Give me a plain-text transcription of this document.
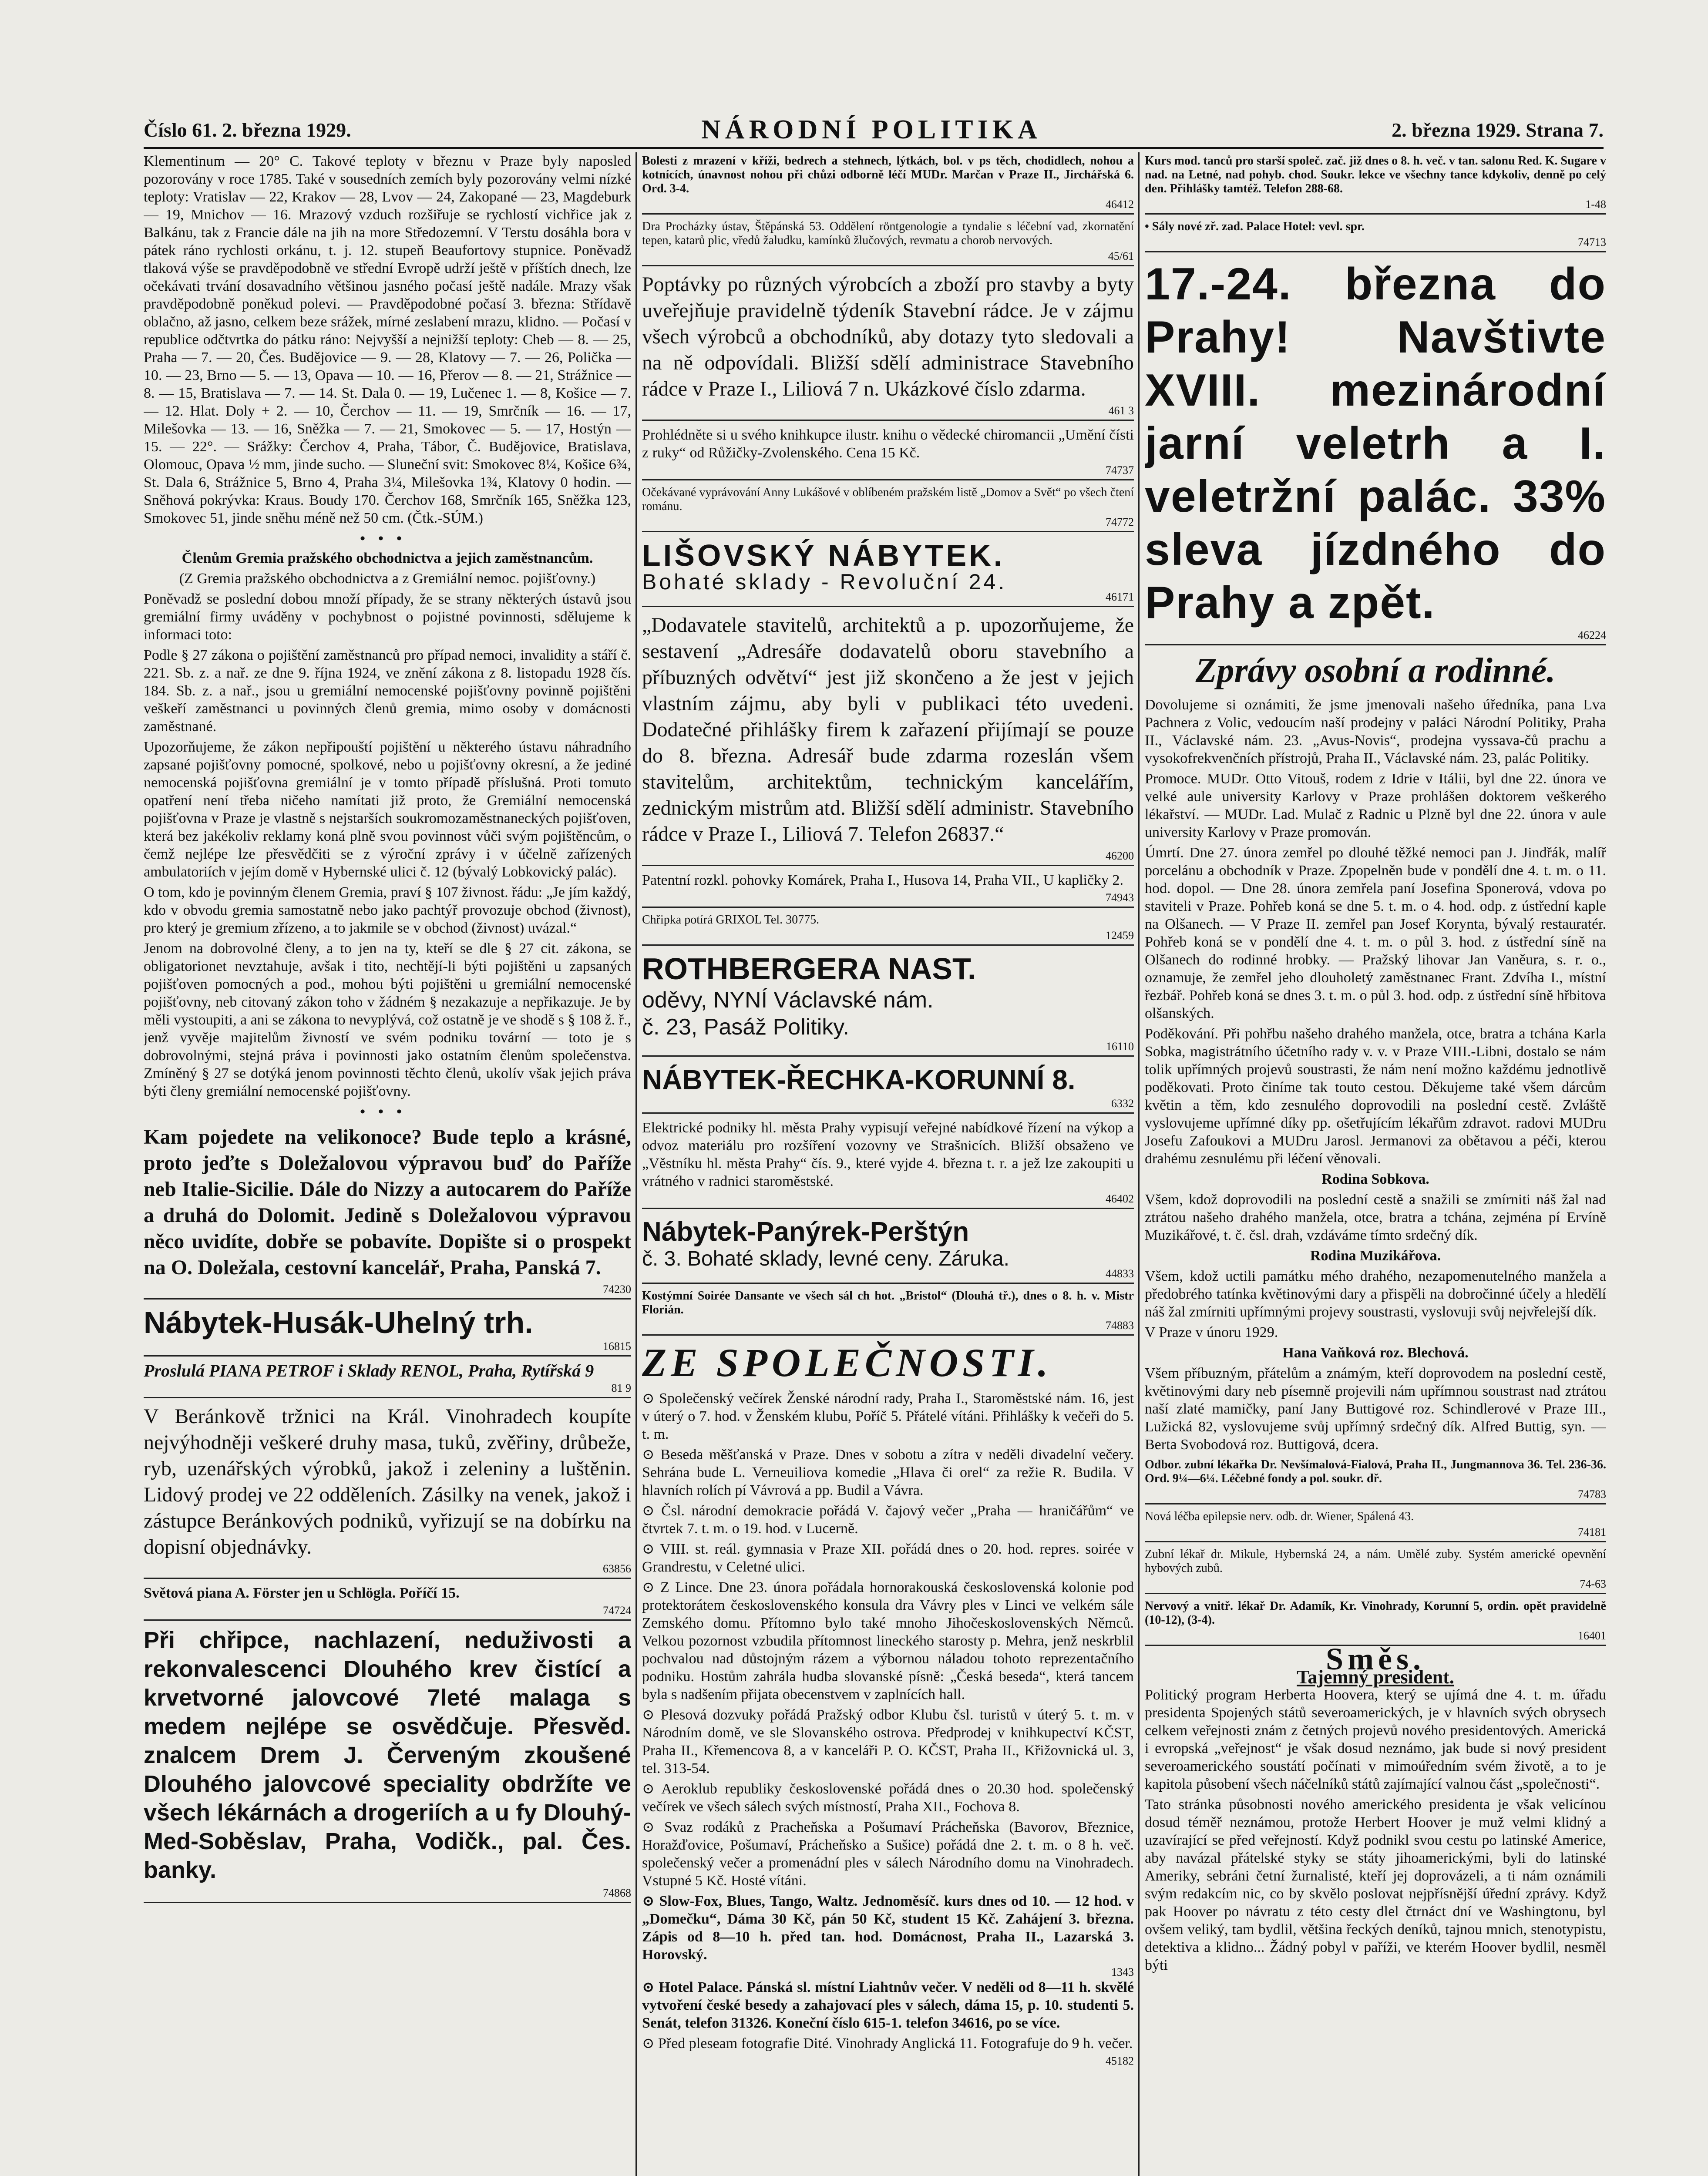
Číslo 61. 2. března 1929.	NÁRODNÍ POLITIKA	2. března 1929. Strana 7.

Klementinum — 20° C. Takové teploty v březnu v Praze byly naposled pozorovány v roce 1785. Také v sousedních zemích byly pozorovány velmi nízké teploty: Vratislav — 22, Krakov — 28, Lvov — 24, Zakopané — 23, Magdeburk — 19, Mnichov — 16. Mrazový vzduch rozšiřuje se rychlostí vichřice jak z Balkánu, tak z Francie dále na jih na more Středozemní. V Terstu dosáhla bora v pátek ráno rychlosti orkánu, t. j. 12. stupeň Beaufortovy stupnice. Poněvadž tlaková výše se pravděpodobně ve střední Evropě udrží ještě v příštích dnech, lze očekávati trvání dosavadního většinou jasného počasí ještě nadále. Mrazy však pravděpodobně poněkud polevi. — Pravděpodobné počasí 3. března: Střídavě oblačno, až jasno, celkem beze srážek, mírné zeslabení mrazu, klidno. — Počasí v republice odčtvrtka do pátku ráno: Nejvyšší a nejnižší teploty: Cheb — 8. — 25, Praha — 7. — 20, Čes. Budějovice — 9. — 28, Klatovy — 7. — 26, Polička — 10. — 23, Brno — 5. — 13, Opava — 10. — 16, Přerov — 8. — 21, Strážnice — 8. — 15, Bratislava — 7. — 14. St. Dala 0. — 19, Lučenec 1. — 8, Košice — 7. — 12. Hlat. Doly + 2. — 10, Čerchov — 11. — 19, Smrčník — 16. — 17, Milešovka — 13. — 16, Sněžka — 7. — 21, Smokovec — 5. — 17, Hostýn — 15. — 22°. — Srážky: Čerchov 4, Praha, Tábor, Č. Budějovice, Bratislava, Olomouc, Opava ½ mm, jinde sucho. — Sluneční svit: Smokovec 8¼, Košice 6¾, St. Dala 6, Strážnice 5, Brno 4, Praha 3¼, Milešovka 1¾, Klatovy 0 hodin. — Sněhová pokrývka: Kraus. Boudy 170. Čerchov 168, Smrčník 165, Sněžka 123, Smokovec 51, jinde sněhu méně než 50 cm. (Čtk.-SÚM.)

•••

Členům Gremia pražského obchodnictva a jejich zaměstnancům.

(Z Gremia pražského obchodnictva a z Gremiální nemoc. pojišťovny.)

Poněvadž se poslední dobou množí případy, že se strany některých ústavů jsou gremiální firmy uváděny v pochybnost o pojistné povinnosti, sdělujeme k informaci toto:

Podle § 27 zákona o pojištění zaměstnanců pro případ nemoci, invalidity a stáří č. 221. Sb. z. a nař. ze dne 9. října 1924, ve znění zákona z 8. listopadu 1928 čís. 184. Sb. z. a nař., jsou u gremiální nemocenské pojišťovny povinně pojištěni veškeří zaměstnanci u povinných členů gremia, mimo osoby v domácnosti zaměstnané.

Upozorňujeme, že zákon nepřipouští pojištění u některého ústavu náhradního zapsané pojišťovny pomocné, spolkové, nebo u pojišťovny okresní, a že jediné nemocenská pojišťovna gremiální je v tomto případě příslušná. Proti tomuto opatření není třeba ničeho namítati již proto, že Gremiální nemocenská pojišťovna v Praze je vlastně s nejstarších soukromozaměstnaneckých pojišťoven, která bez jakékoliv reklamy koná plně svou povinnost vůči svým pojištěncům, o čemž nejlépe lze přesvědčiti se z výroční zprávy i v účelně zařízených ambulatoriích v jejím domě v Hybernské ulici č. 12 (bývalý Lobkovický palác).

O tom, kdo je povinným členem Gremia, praví § 107 živnost. řádu: „Je jím každý, kdo v obvodu gremia samostatně nebo jako pachtýř provozuje obchod (živnost), pro který je gremium zřízeno, a to jakmile se v obchod (živnost) uvázal.“

Jenom na dobrovolné členy, a to jen na ty, kteří se dle § 27 cit. zákona, se obligatorionet nevztahuje, avšak i tito, nechtějí-li býti pojištěni u zapsaných pojišťoven pomocných a pod., mohou býti pojištěni u gremiální nemocenské pojišťovny, neb citovaný zákon toho v žádném § nezakazuje a nepřikazuje. Je by měli vystoupiti, a ani se zákona to nevyplývá, což ostatně je ve shodě s § 108 ž. ř., jenž vyvěje majitelům živností ve svém podniku tovární — toto je s dobrovolnými, stejná práva i povinnosti jako ostatním členům společenstva. Zmíněný § 27 se dotýká jenom povinnosti těchto členů, ukolív však jejich práva býti členy gremiální nemocenské pojišťovny.

•••

Kam pojedete na velikonoce? Bude teplo a krásné, proto jeďte s Doležalovou výpravou buď do Paříže neb Italie-Sicilie. Dále do Nizzy a autocarem do Paříže a druhá do Dolomit. Jedině s Doležalovou výpravou něco uvidíte, dobře se pobavíte. Dopište si o prospekt na O. Doležala, cestovní kancelář, Praha, Panská 7.

74230
Nábytek-Husák-Uhelný trh.
16815

Proslulá PIANA PETROF i Sklady RENOL, Praha, Rytířská 9

81 9

V Beránkově tržnici na Král. Vinohradech koupíte nejvýhodněji veškeré druhy masa, tuků, zvěřiny, drůbeže, ryb, uzenářských výrobků, jakož i zeleniny a luštěnin. Lidový prodej ve 22 odděleních. Zásilky na venek, jakož i zástupce Beránkových podniků, vyřizují se na dobírku na dopisní objednávky.

63856

Světová piana A. Förster jen u Schlögla. Poříčí 15.

74724

Při chřipce, nachlazení, neduživosti a rekonvalescenci Dlouhého krev čistící a krvetvorné jalovcové 7leté malaga s medem nejlépe se osvědčuje. Přesvěd. znalcem Drem J. Červeným zkoušené Dlouhého jalovcové speciality obdržíte ve všech lékárnách a drogeriích a u fy Dlouhý-Med-Soběslav, Praha, Vodičk., pal. Čes. banky.

74868

Bolesti z mrazení v kříži, bedrech a stehnech, lýtkách, bol. v ps těch, chodidlech, nohou a kotnících, únavnost nohou při chůzi odborně léčí MUDr. Marčan v Praze II., Jirchářská 6. Ord. 3-4.

46412

Dra Procházky ústav, Štěpánská 53. Oddělení röntgenologie a tyndalie s léčební vad, zkornatění tepen, katarů plic, vředů žaludku, kamínků žlučových, revmatu a chorob nervových.

45/61

Poptávky po různých výrobcích a zboží pro stavby a byty uveřejňuje pravidelně týdeník Stavební rádce. Je v zájmu všech výrobců a obchodníků, aby dotazy tyto sledovali a na ně odpovídali. Bližší sdělí administrace Stavebního rádce v Praze I., Liliová 7 n. Ukázkové číslo zdarma.

461 3

Prohlédněte si u svého knihkupce ilustr. knihu o vědecké chiromancii „Umění čísti z ruky“ od Růžičky-Zvolenského. Cena 15 Kč.

74737

Očekávané vyprávování Anny Lukášové v oblíbeném pražském listě „Domov a Svět“ po všech čtení románu.

74772
LIŠOVSKÝ NÁBYTEK.
Bohaté sklady - Revoluční 24.
46171

„Dodavatele stavitelů, architektů a p. upozorňujeme, že sestavení „Adresáře dodavatelů oboru stavebního a příbuzných odvětví“ jest již skončeno a že jest v jejich vlastním zájmu, aby byli v publikaci této uvedeni. Dodatečné přihlášky firem k zařazení přijímají se pouze do 8. března. Adresář bude zdarma rozeslán všem stavitelům, architektům, technickým kancelářím, zednickým mistrům atd. Bližší sdělí administr. Stavebního rádce v Praze I., Liliová 7. Telefon 26837.“

46200

Patentní rozkl. pohovky Komárek, Praha I., Husova 14, Praha VII., U kapličky 2.

74943

Chřipka potírá GRIXOL Tel. 30775.

12459
ROTHBERGERA NAST.
oděvy, NYNÍ Václavské nám.
č. 23, Pasáž Politiky.
16110
NÁBYTEK-ŘECHKA-KORUNNÍ 8.
6332

Elektrické podniky hl. města Prahy vypisují veřejné nabídkové řízení na výkop a odvoz materiálu pro rozšíření vozovny ve Strašnicích. Bližší obsaženo ve „Věstníku hl. města Prahy“ čís. 9., které vyjde 4. března t. r. a jež lze zakoupiti u vrátného v radnici staroměstské.

46402
Nábytek-Panýrek-Perštýn
č. 3. Bohaté sklady, levné ceny. Záruka.
44833

Kostýmní Soirée Dansante ve všech sál ch hot. „Bristol“ (Dlouhá tř.), dnes o 8. h. v. Mistr Florián.

74883
ZE SPOLEČNOSTI.

⊙ Společenský večírek Ženské národní rady, Praha I., Staroměstské nám. 16, jest v úterý o 7. hod. v Ženském klubu, Poříč 5. Přátelé vítáni. Přihlášky k večeři do 5. t. m.

⊙ Beseda měšťanská v Praze. Dnes v sobotu a zítra v neděli divadelní večery. Sehrána bude L. Verneuiliova komedie „Hlava či orel“ za režie R. Budila. V hlavních rolích pí Vávrová a pp. Budil a Vávra.

⊙ Čsl. národní demokracie pořádá V. čajový večer „Praha — hraničářům“ ve čtvrtek 7. t. m. o 19. hod. v Lucerně.

⊙ VIII. st. reál. gymnasia v Praze XII. pořádá dnes o 20. hod. repres. soirée v Grandrestu, v Celetné ulici.

⊙ Z Lince. Dne 23. února pořádala hornorakouská československá kolonie pod protektorátem československého konsula dra Vávry ples v Linci ve velkém sále Zemského domu. Přítomno bylo také mnoho Jihočeskoslovenských Němců. Velkou pozornost vzbudila přítomnost lineckého starosty p. Mehra, jenž neskrblil pochvalou nad důstojným rázem a výbornou náladou tohoto reprezentačního podniku. Hostům zahrála hudba slovanské písně: „Česká beseda“, která tancem byla s nadšením přijata obecenstvem v zaplnících hall.

⊙ Plesová dozvuky pořádá Pražský odbor Klubu čsl. turistů v úterý 5. t. m. v Národním domě, ve sle Slovanského ostrova. Předprodej v knihkupectví KČST, Praha II., Křemencova 8, a v kanceláři P. O. KČST, Praha II., Křižovnická ul. 3, tel. 313-54.

⊙ Aeroklub republiky československé pořádá dnes o 20.30 hod. společenský večírek ve všech sálech svých místností, Praha XII., Fochova 8.

⊙ Svaz rodáků z Pracheňska a Pošumaví Prácheňska (Bavorov, Březnice, Horažďovice, Pošumaví, Prácheňsko a Sušice) pořádá dne 2. t. m. o 8 h. več. společenský večer a promenádní ples v sálech Národního domu na Vinohradech. Vstupné 5 Kč. Hosté vítáni.

⊙ Slow-Fox, Blues, Tango, Waltz. Jednoměsíč. kurs dnes od 10. — 12 hod. v „Domečku“, Dáma 30 Kč, pán 50 Kč, student 15 Kč. Zahájení 3. března. Zápis od 8—10 h. před tan. hod. Domácnost, Praha II., Lazarská 3. Horovský.

1343

⊙ Hotel Palace. Pánská sl. místní Liahtnův večer. V neděli od 8—11 h. skvělé vytvoření české besedy a zahajovací ples v sálech, dáma 15, p. 10. studenti 5. Senát, telefon 31326. Koneční číslo 615-1. telefon 34616, po se více.

⊙ Před pleseam fotografie Dité. Vinohrady Anglická 11. Fotografuje do 9 h. večer.

45182

Kurs mod. tanců pro starší společ. zač. již dnes o 8. h. več. v tan. salonu Red. K. Sugare v nad. na Letné, nad pohyb. chod. Soukr. lekce ve všechny tance kdykoliv, denně po celý den. Přihlášky tamtéž. Telefon 288-68.

1-48

• Sály nové zř. zad. Palace Hotel: vevl. spr.

74713
17.-24. března do Prahy! Navštivte XVIII. mezinárodní jarní veletrh a I. veletržní palác. 33% sleva jízdného do Prahy a zpět.
46224
Zprávy osobní a rodinné.

Dovolujeme si oznámiti, že jsme jmenovali našeho úředníka, pana Lva Pachnera z Volic, vedoucím naší prodejny v paláci Národní Politiky, Praha II., Václavské nám. 23. „Avus-Novis“, prodejna vyssava-čů prachu a vysokofrekvenčních přístrojů, Praha II., Václavské nám. 23, palác Politiky.

Promoce. MUDr. Otto Vitouš, rodem z Idrie v Itálii, byl dne 22. února ve velké aule university Karlovy v Praze prohlášen doktorem veškerého lékařství. — MUDr. Lad. Mulač z Radnic u Plzně byl dne 22. února v aule university Karlovy v Praze promován.

Úmrtí. Dne 27. února zemřel po dlouhé těžké nemoci pan J. Jindřák, malíř porcelánu a obchodník v Praze. Zpopelněn bude v pondělí dne 4. t. m. o 11. hod. dopol. — Dne 28. února zemřela paní Josefina Sponerová, vdova po staviteli v Praze. Pohřeb koná se dne 5. t. m. o 4. hod. odp. z ústřední kaple na Olšanech. — V Praze II. zemřel pan Josef Korynta, bývalý restauratér. Pohřeb koná se v pondělí dne 4. t. m. o půl 3. hod. z ústřední síně na Olšanech do rodinné hrobky. — Pražský lihovar Jan Vaněura, s. r. o., oznamuje, že zemřel jeho dlouholetý zaměstnanec Frant. Zdvíha I., místní řezbář. Pohřeb koná se dnes 3. t. m. o půl 3. hod. odp. z ústřední síně hřbitova olšanských.

Poděkování. Při pohřbu našeho drahého manžela, otce, bratra a tchána Karla Sobka, magistrátního účetního rady v. v. v Praze VIII.-Libni, dostalo se nám tolik upřímných projevů soustrasti, že nám není možno každému jednotlivě poděkovati. Proto činíme tak touto cestou. Děkujeme také všem dárcům květin a těm, kdo zesnulého doprovodili na poslední cestě. Zvláště vyslovujeme upřímné díky pp. ošetřujícím lékařům zdravot. radovi MUDru Josefu Zafoukovi a MUDru Jarosl. Jermanovi za obětavou a péči, kterou drahému zesnulému při léčení věnovali.

Rodina Sobkova.

Všem, kdož doprovodili na poslední cestě a snažili se zmírniti náš žal nad ztrátou našeho drahého manžela, otce, bratra a tchána, zejména pí Ervíně Muzikářové, t. č. čsl. drah, vzdáváme tímto srdečný dík.

Rodina Muzikářova.

Všem, kdož uctili památku mého drahého, nezapomenutelného manžela a předobrého tatínka květinovými dary a přispěli na dobročinné účely a hledělí náš žal zmírniti upřímnými projevy soustrasti, vyslovuji svůj nejvřelejší dík.

V Praze v únoru 1929.

Hana Vaňková roz. Blechová.

Všem příbuzným, přátelům a známým, kteří doprovodem na poslední cestě, květinovými dary neb písemně projevili nám upřímnou soustrast nad ztrátou naší zlaté mamičky, paní Jany Buttigové roz. Schindlerové v Praze III., Lužická 82, vyslovujeme svůj upřímný srdečný dík. Alfred Buttig, syn. — Berta Svobodová roz. Buttigová, dcera.

Odbor. zubní lékařka Dr. Nevšímalová-Fialová, Praha II., Jungmannova 36. Tel. 236-36. Ord. 9¼—6¼. Léčebné fondy a pol. soukr. dř.

74783

Nová léčba epilepsie nerv. odb. dr. Wiener, Spálená 43.

74181

Zubní lékař dr. Mikule, Hybernská 24, a nám. Umělé zuby. Systém americké opevnění hybových zubů.

74-63

Nervový a vnitř. lékař Dr. Adamík, Kr. Vinohrady, Korunní 5, ordin. opět pravidelně (10-12), (3-4).

16401
Směs.
Tajemný president.

Politický program Herberta Hoovera, který se ujímá dne 4. t. m. úřadu presidenta Spojených států severoamerických, je v hlavních svých obrysech celkem veřejnosti znám z četných projevů nového presidentových. Americká i evropská „veřejnost“ je však dosud neznámo, jak bude si nový president severoamerického soustátí počínati v mimoúředním svém životě, a to je kapitola působení všech náčelníků států zajímající valnou část „společnosti“.

Tato stránka působnosti nového amerického presidenta je však velicínou dosud téměř neznámou, protože Herbert Hoover je muž velmi klidný a uzavírající se před veřejností. Když podnikl svou cestu po latinské Americe, aby navázal přátelské styky se státy jihoamerickými, byli do latinské Ameriky, sebráni četní žurnalisté, kteří jej doprovázeli, a ti nám oznámili svým redakcím nic, co by skvělo poslovat nejpřísnější úřední zprávy. Když pak Hoover po návratu z této cesty dlel čtrnáct dní ve Washingtonu, byl ovšem veliký, tam bydlil, většina řeckých deníků, tajnou mnich, stenotypistu, detektiva a klidno... Žádný pobyl v paříži, ve kterém Hoover bydlil, nesměl býti
